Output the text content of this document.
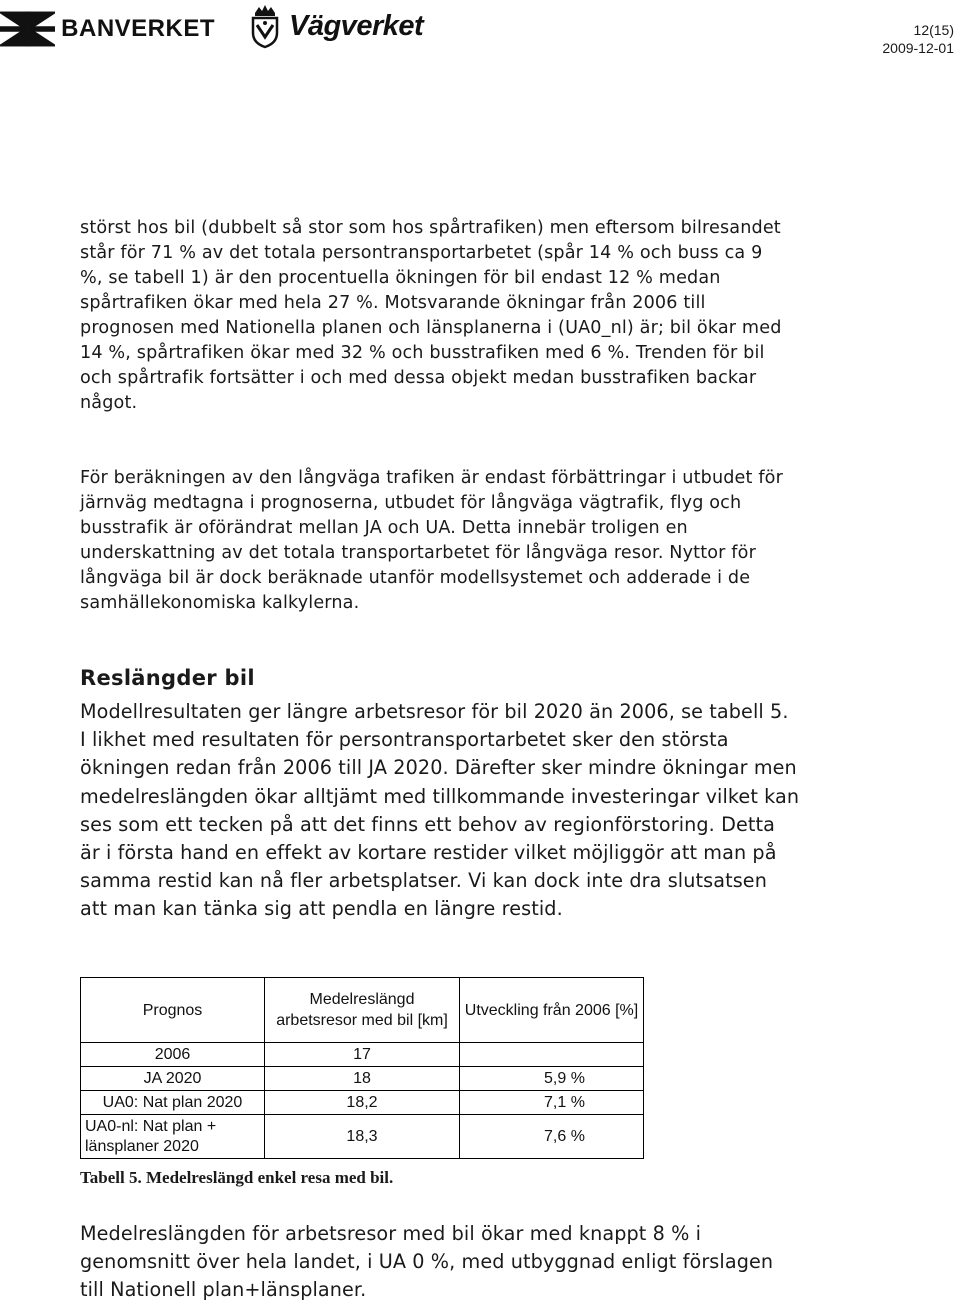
BANVERKET	Vägverket	12(15)
2009-12-01

störst hos bil (dubbelt så stor som hos spårtrafiken) men eftersom bilresandet står för 71 % av det totala persontransportarbetet (spår 14 % och buss ca 9 %, se tabell 1) är den procentuella ökningen för bil endast 12 % medan spårtrafiken ökar med hela 27 %. Motsvarande ökningar från 2006 till prognosen med Nationella planen och länsplanerna i (UA0_nl) är; bil ökar med 14 %, spårtrafiken ökar med 32 % och busstrafiken med 6 %. Trenden för bil och spårtrafik fortsätter i och med dessa objekt medan busstrafiken backar något.

För beräkningen av den långväga trafiken är endast förbättringar i utbudet för järnväg medtagna i prognoserna, utbudet för långväga vägtrafik, flyg och busstrafik är oförändrat mellan JA och UA. Detta innebär troligen en underskattning av det totala transportarbetet för långväga resor. Nyttor för långväga bil är dock beräknade utanför modellsystemet och adderade i de samhällekonomiska kalkylerna.

Reslängder bil

Modellresultaten ger längre arbetsresor för bil 2020 än 2006, se tabell 5. I likhet med resultaten för persontransportarbetet sker den största ökningen redan från 2006 till JA 2020. Därefter sker mindre ökningar men medelreslängden ökar alltjämt med tillkommande investeringar vilket kan ses som ett tecken på att det finns ett behov av regionförstoring. Detta är i första hand en effekt av kortare restider vilket möjliggör att man på samma restid kan nå fler arbetsplatser. Vi kan dock inte dra slutsatsen att man kan tänka sig att pendla en längre restid.

Prognos	Medelreslängd arbetsresor med bil [km]	Utveckling från 2006 [%]
2006	17	
JA 2020	18	5,9 %
UA0: Nat plan 2020	18,2	7,1 %
UA0-nl: Nat plan + länsplaner 2020	18,3	7,6 %

Tabell 5. Medelreslängd enkel resa med bil.

Medelreslängden för arbetsresor med bil ökar med knappt 8 % i genomsnitt över hela landet, i UA 0 %, med utbyggnad enligt förslagen till Nationell plan+länsplaner.
